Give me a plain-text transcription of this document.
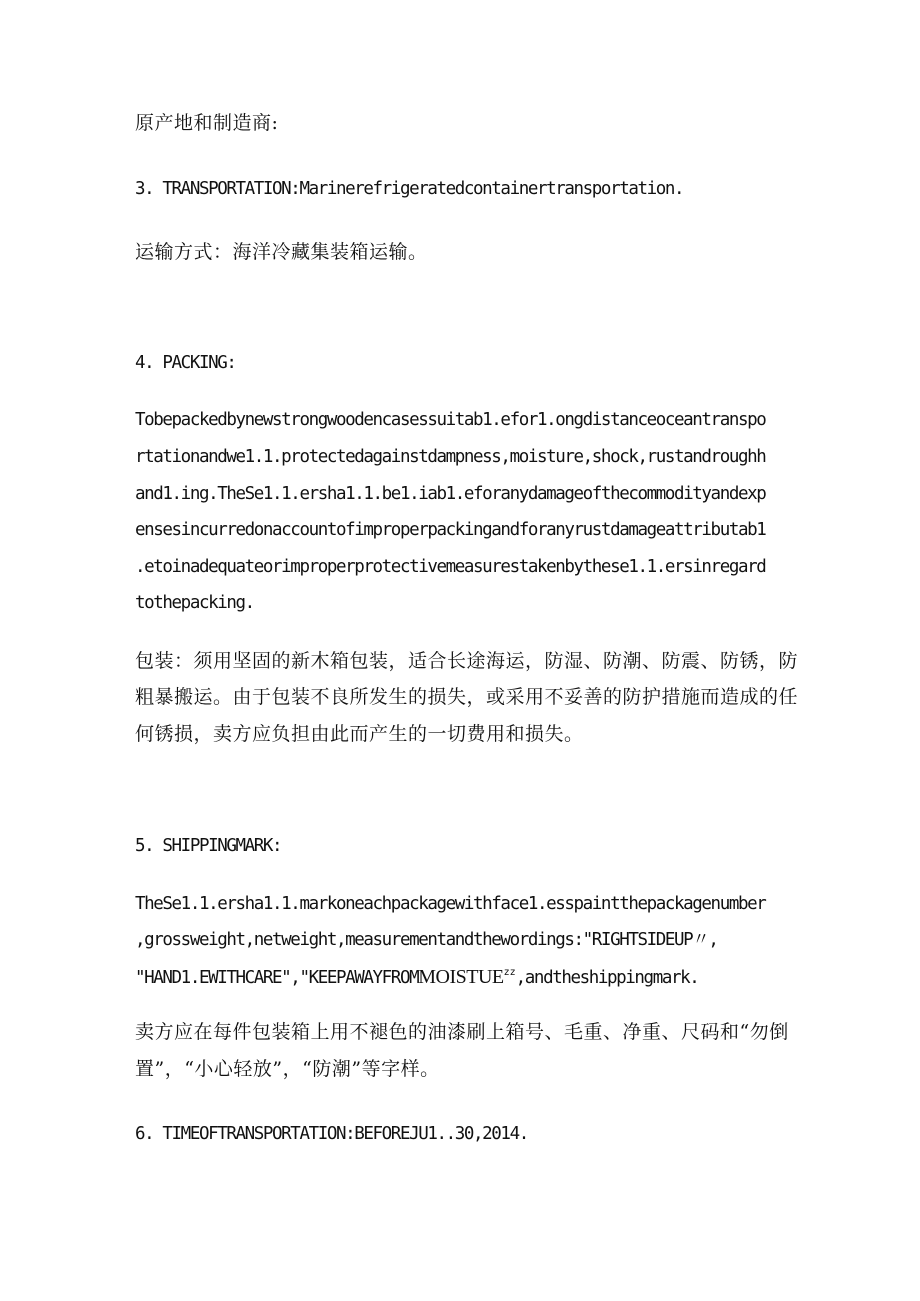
原产地和制造商:
3. TRANSPORTATION:Marinerefrigeratedcontainertransportation.
运输方式：海洋冷藏集装箱运输。
4. PACKING:
Tobepackedbynewstrongwoodencasessuitab1.efor1.ongdistanceoceantranspo
rtationandwe1.1.protectedagainstdampness,moisture,shock,rustandroughh
and1.ing.TheSe1.1.ersha1.1.be1.iab1.eforanydamageofthecommodityandexp
ensesincurredonaccountofimproperpackingandforanyrustdamageattributab1
.etoinadequateorimproperprotectivemeasurestakenbythese1.1.ersinregard
tothepacking.
包装：须用坚固的新木箱包装，适合长途海运，防湿、防潮、防震、防锈，防
粗暴搬运。由于包装不良所发生的损失，或采用不妥善的防护措施而造成的任
何锈损，卖方应负担由此而产生的一切费用和损失。
5. SHIPPINGMARK:
TheSe1.1.ersha1.1.markoneachpackagewithface1.esspaintthepackagenumber
,grossweight,netweight,measurementandthewordings:"RIGHTSIDEUP〃,
"$HAND1.EWITHCARE","KEEPAWAYFROMMOISTUE^{zz},andtheshippingmark$.
卖方应在每件包装箱上用不褪色的油漆刷上箱号、毛重、净重、尺码和“勿倒
置”，“小心轻放”，“防潮”等字样。
6. TIMEOFTRANSPORTATION:BEFOREJU1..30,2014.
